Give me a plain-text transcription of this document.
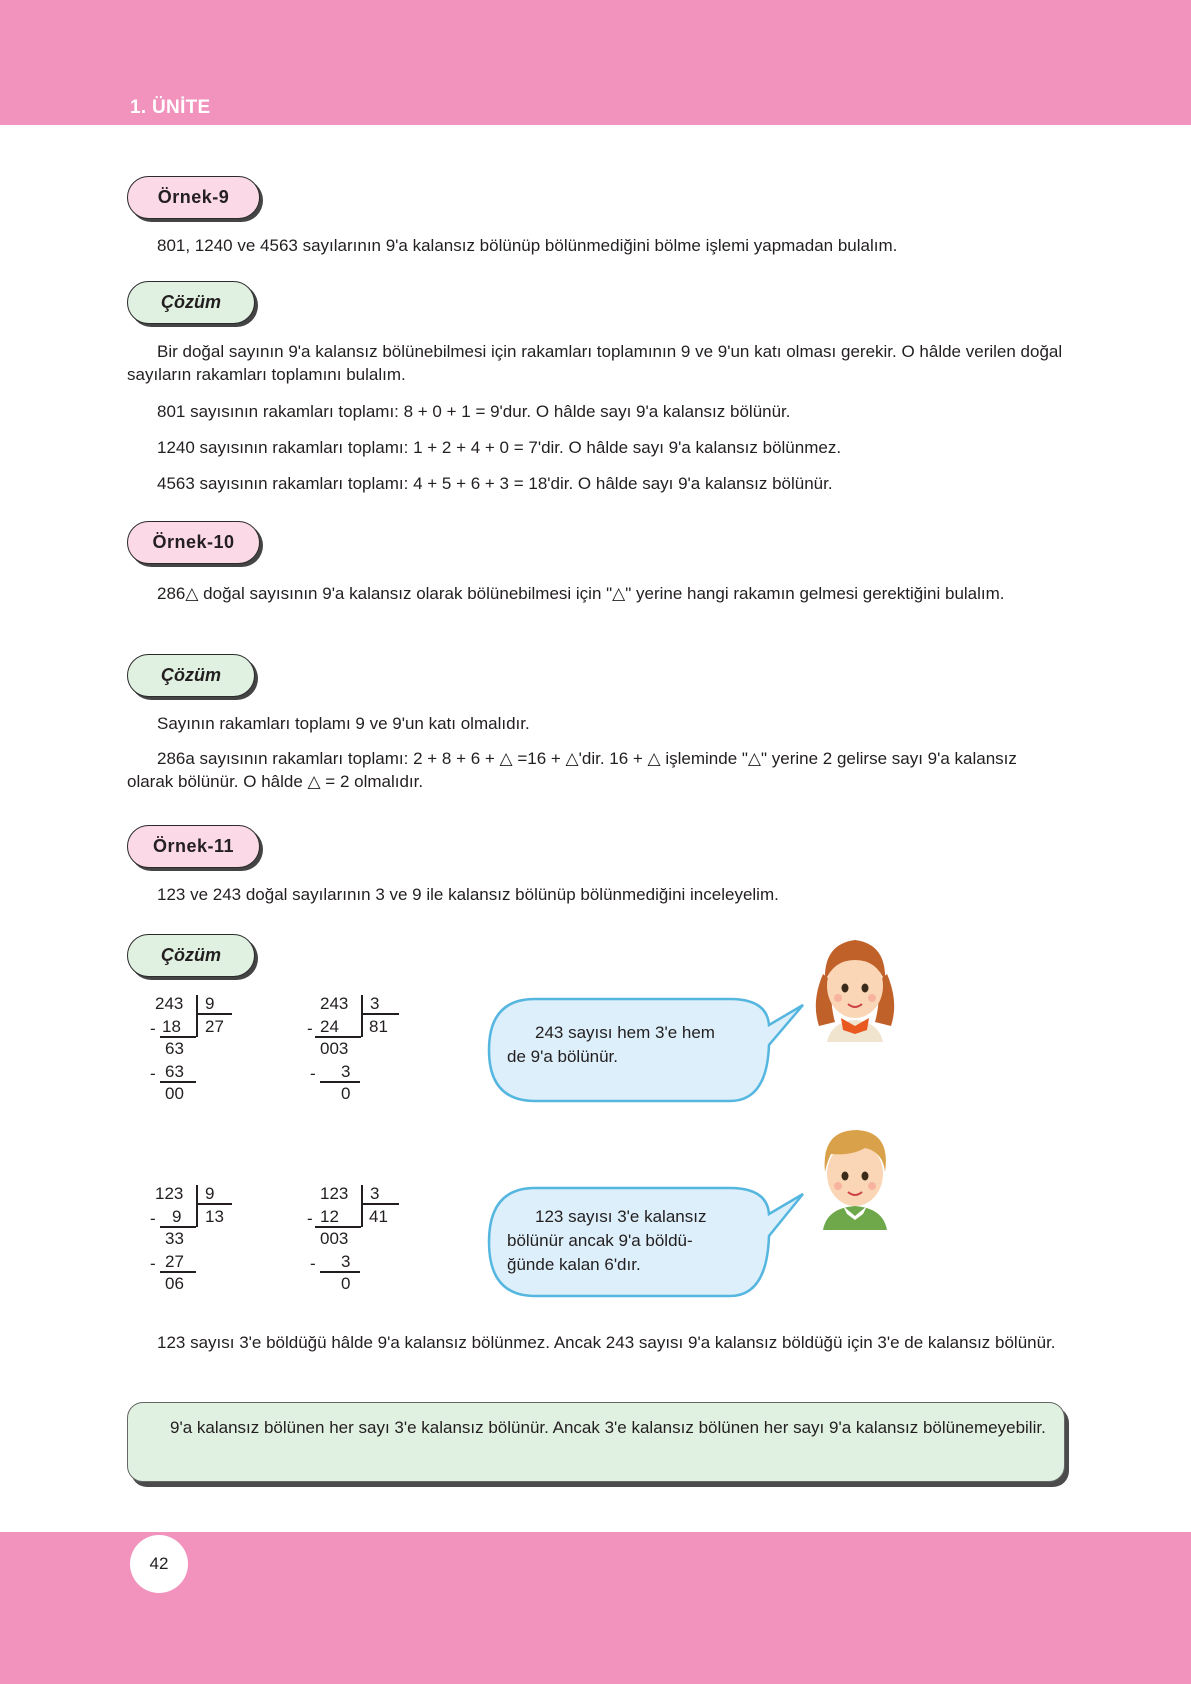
1. ÜNİTE
Örnek-9
801, 1240 ve 4563 sayılarının 9'a kalansız bölünüp bölünmediğini bölme işlemi yapmadan bulalım.
Çözüm
Bir doğal sayının 9'a kalansız bölünebilmesi için rakamları toplamının 9 ve 9'un katı olması gerekir. O hâlde verilen doğal sayıların rakamları toplamını bulalım.
801 sayısının rakamları toplamı: 8 + 0 + 1 = 9'dur. O hâlde sayı 9'a kalansız bölünür.
1240 sayısının rakamları toplamı: 1 + 2 + 4 + 0 = 7'dir. O hâlde sayı 9'a kalansız bölünmez.
4563 sayısının rakamları toplamı: 4 + 5 + 6 + 3 = 18'dir. O hâlde sayı 9'a kalansız bölünür.
Örnek-10
286△ doğal sayısının 9'a kalansız olarak bölünebilmesi için "△" yerine hangi rakamın gelmesi gerektiğini bulalım.
Çözüm
Sayının rakamları toplamı 9 ve 9'un katı olmalıdır.
286a sayısının rakamları toplamı: 2 + 8 + 6 + △ =16 + △'dir. 16 + △ işleminde "△" yerine 2 gelirse sayı 9'a kalansız olarak bölünür. O hâlde △ = 2 olmalıdır.
Örnek-11
123 ve 243 doğal sayılarının 3 ve 9 ile kalansız bölünüp bölünmediğini inceleyelim.
Çözüm
243 9
27
- 18
63
- 63
00
243 3
81
- 24
003
- 3
0
123 9
13
- 9
33
- 27
06
123 3
41
- 12
003
- 3
0
243 sayısı hem 3'e hem
de 9'a bölünür.
123 sayısı 3'e kalansız
bölünür ancak 9'a böldü-
ğünde kalan 6'dır.
123 sayısı 3'e böldüğü hâlde 9'a kalansız bölünmez. Ancak 243 sayısı 9'a kalansız böldüğü için 3'e de kalansız bölünür.
9'a kalansız bölünen her sayı 3'e kalansız bölünür. Ancak 3'e kalansız bölünen her sayı 9'a kalansız bölünemeyebilir.
42
